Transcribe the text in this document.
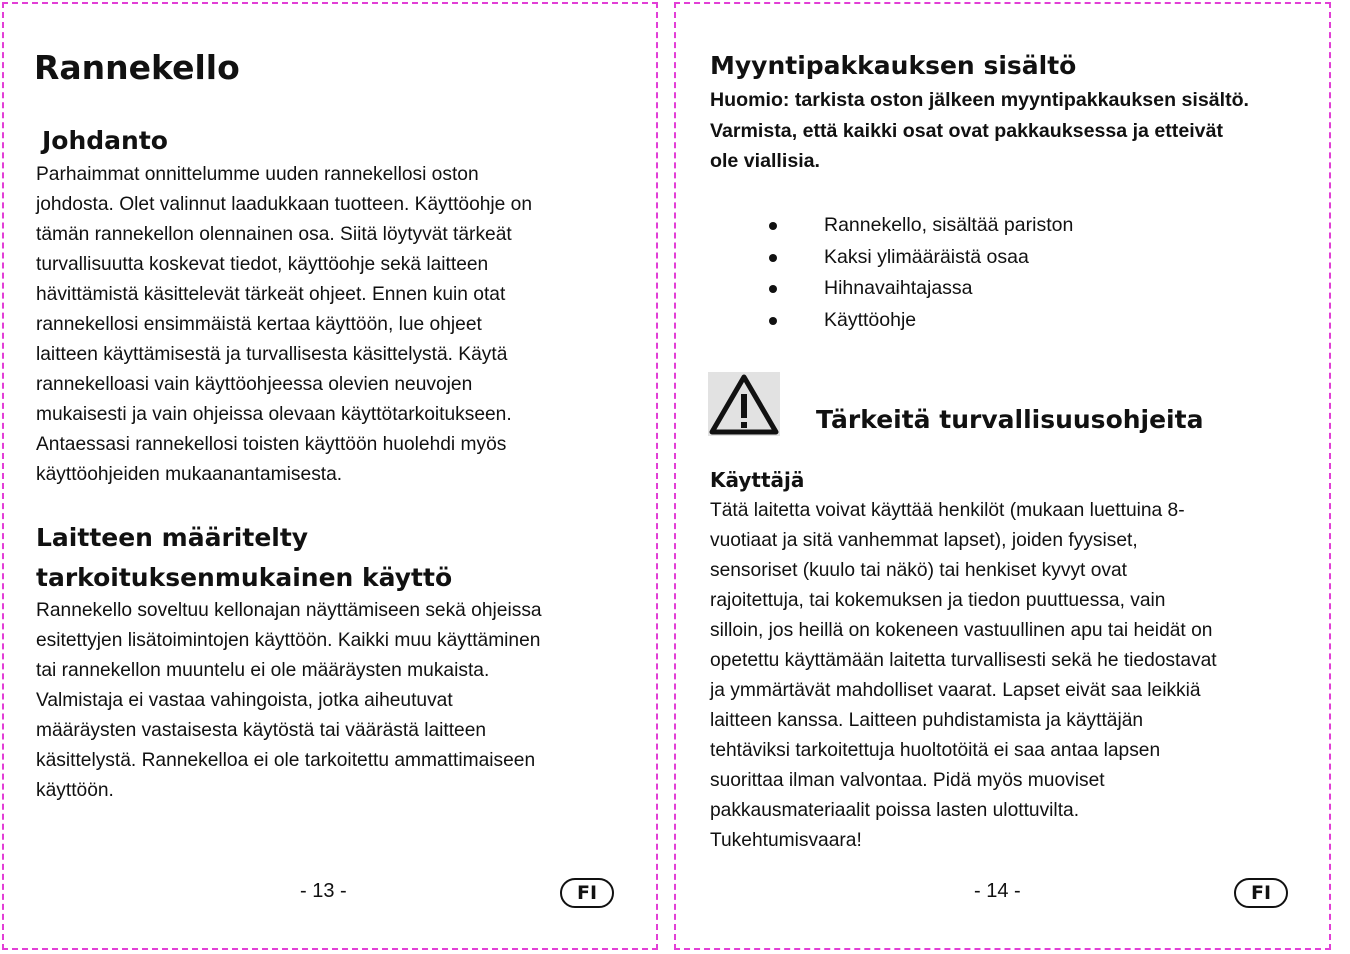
Rannekello
Johdanto
Parhaimmat onnittelumme uuden rannekellosi oston
johdosta. Olet valinnut laadukkaan tuotteen. Käyttöohje on
tämän rannekellon olennainen osa. Siitä löytyvät tärkeät
turvallisuutta koskevat tiedot, käyttöohje sekä laitteen
hävittämistä käsittelevät tärkeät ohjeet. Ennen kuin otat
rannekellosi ensimmäistä kertaa käyttöön, lue ohjeet
laitteen käyttämisestä ja turvallisesta käsittelystä. Käytä
rannekelloasi vain käyttöohjeessa olevien neuvojen
mukaisesti ja vain ohjeissa olevaan käyttötarkoitukseen.
Antaessasi rannekellosi toisten käyttöön huolehdi myös
käyttöohjeiden mukaanantamisesta.
Laitteen määritelty
tarkoituksenmukainen käyttö
Rannekello soveltuu kellonajan näyttämiseen sekä ohjeissa
esitettyjen lisätoimintojen käyttöön. Kaikki muu käyttäminen
tai rannekellon muuntelu ei ole määräysten mukaista.
Valmistaja ei vastaa vahingoista, jotka aiheutuvat
määräysten vastaisesta käytöstä tai väärästä laitteen
käsittelystä. Rannekelloa ei ole tarkoitettu ammattimaiseen
käyttöön.
- 13 -	FI
Myyntipakkauksen sisältö
Huomio: tarkista oston jälkeen myyntipakkauksen sisältö.
Varmista, että kaikki osat ovat pakkauksessa ja etteivät
ole viallisia.
Rannekello, sisältää pariston
Kaksi ylimääräistä osaa
Hihnavaihtajassa
Käyttöohje
Tärkeitä turvallisuusohjeita
Käyttäjä
Tätä laitetta voivat käyttää henkilöt (mukaan luettuina 8-
vuotiaat ja sitä vanhemmat lapset), joiden fyysiset,
sensoriset (kuulo tai näkö) tai henkiset kyvyt ovat
rajoitettuja, tai kokemuksen ja tiedon puuttuessa, vain
silloin, jos heillä on kokeneen vastuullinen apu tai heidät on
opetettu käyttämään laitetta turvallisesti sekä he tiedostavat
ja ymmärtävät mahdolliset vaarat. Lapset eivät saa leikkiä
laitteen kanssa. Laitteen puhdistamista ja käyttäjän
tehtäviksi tarkoitettuja huoltotöitä ei saa antaa lapsen
suorittaa ilman valvontaa. Pidä myös muoviset
pakkausmateriaalit poissa lasten ulottuvilta.
Tukehtumisvaara!
- 14 -	FI
